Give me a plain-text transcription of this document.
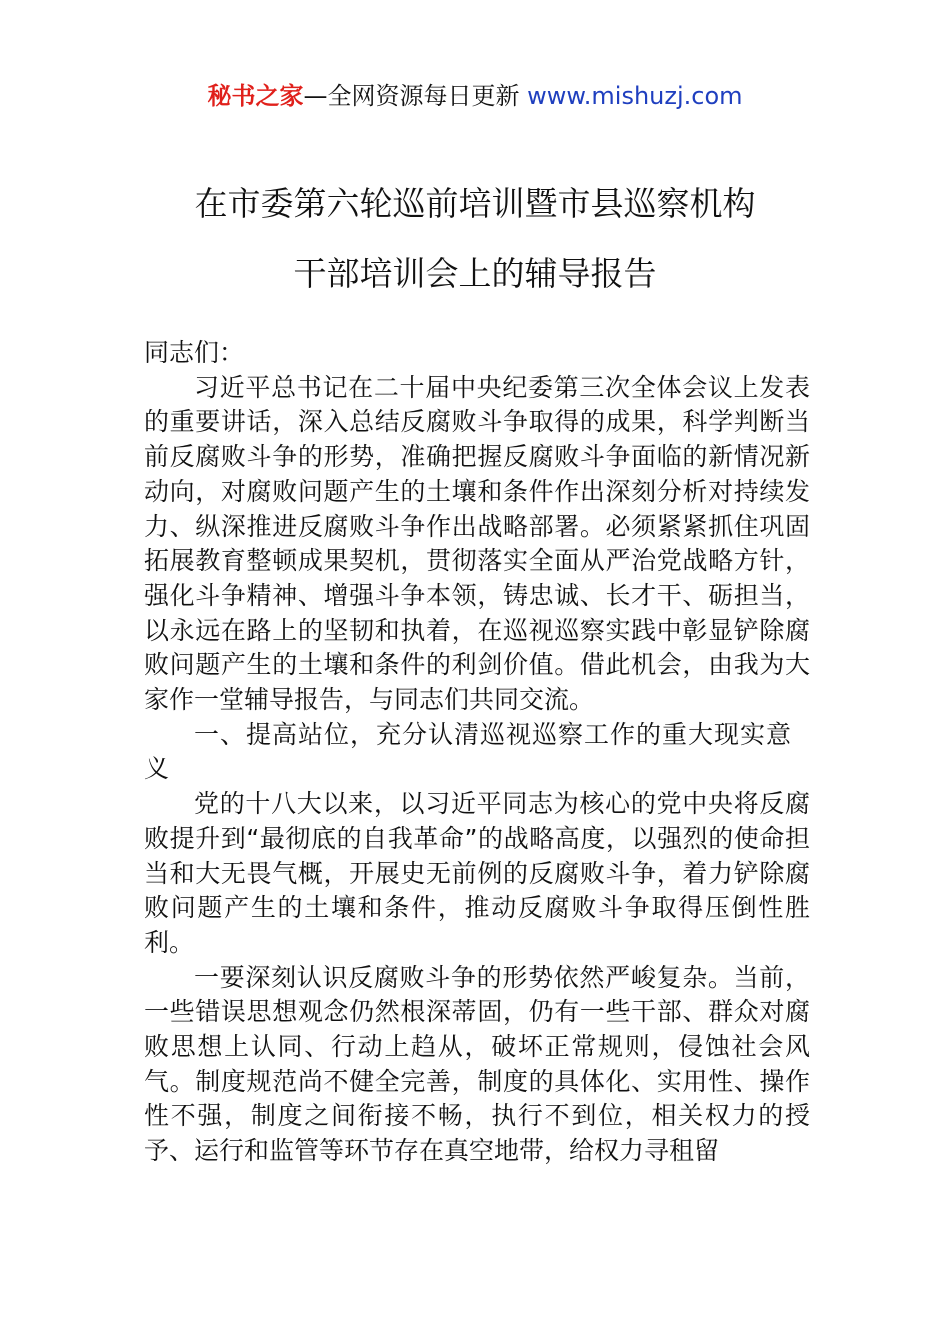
秘书之家—全网资源每日更新 www.mishuzj.com
在市委第六轮巡前培训暨市县巡察机构
干部培训会上的辅导报告

同志们：

习近平总书记在二十届中央纪委第三次全体会议上发表的重要讲话，深入总结反腐败斗争取得的成果，科学判断当前反腐败斗争的形势，准确把握反腐败斗争面临的新情况新动向，对腐败问题产生的土壤和条件作出深刻分析对持续发力、纵深推进反腐败斗争作出战略部署。必须紧紧抓住巩固拓展教育整顿成果契机，贯彻落实全面从严治党战略方针，强化斗争精神、增强斗争本领，铸忠诚、长才干、砺担当，以永远在路上的坚韧和执着，在巡视巡察实践中彰显铲除腐败问题产生的土壤和条件的利剑价值。借此机会，由我为大家作一堂辅导报告，与同志们共同交流。

一、提高站位，充分认清巡视巡察工作的重大现实意义

党的十八大以来，以习近平同志为核心的党中央将反腐败提升到“最彻底的自我革命”的战略高度，以强烈的使命担当和大无畏气概，开展史无前例的反腐败斗争，着力铲除腐败问题产生的土壤和条件，推动反腐败斗争取得压倒性胜利。

一要深刻认识反腐败斗争的形势依然严峻复杂。当前，一些错误思想观念仍然根深蒂固，仍有一些干部、群众对腐败思想上认同、行动上趋从，破坏正常规则，侵蚀社会风气。制度规范尚不健全完善，制度的具体化、实用性、操作性不强，制度之间衔接不畅，执行不到位，相关权力的授予、运行和监管等环节存在真空地带，给权力寻租留
